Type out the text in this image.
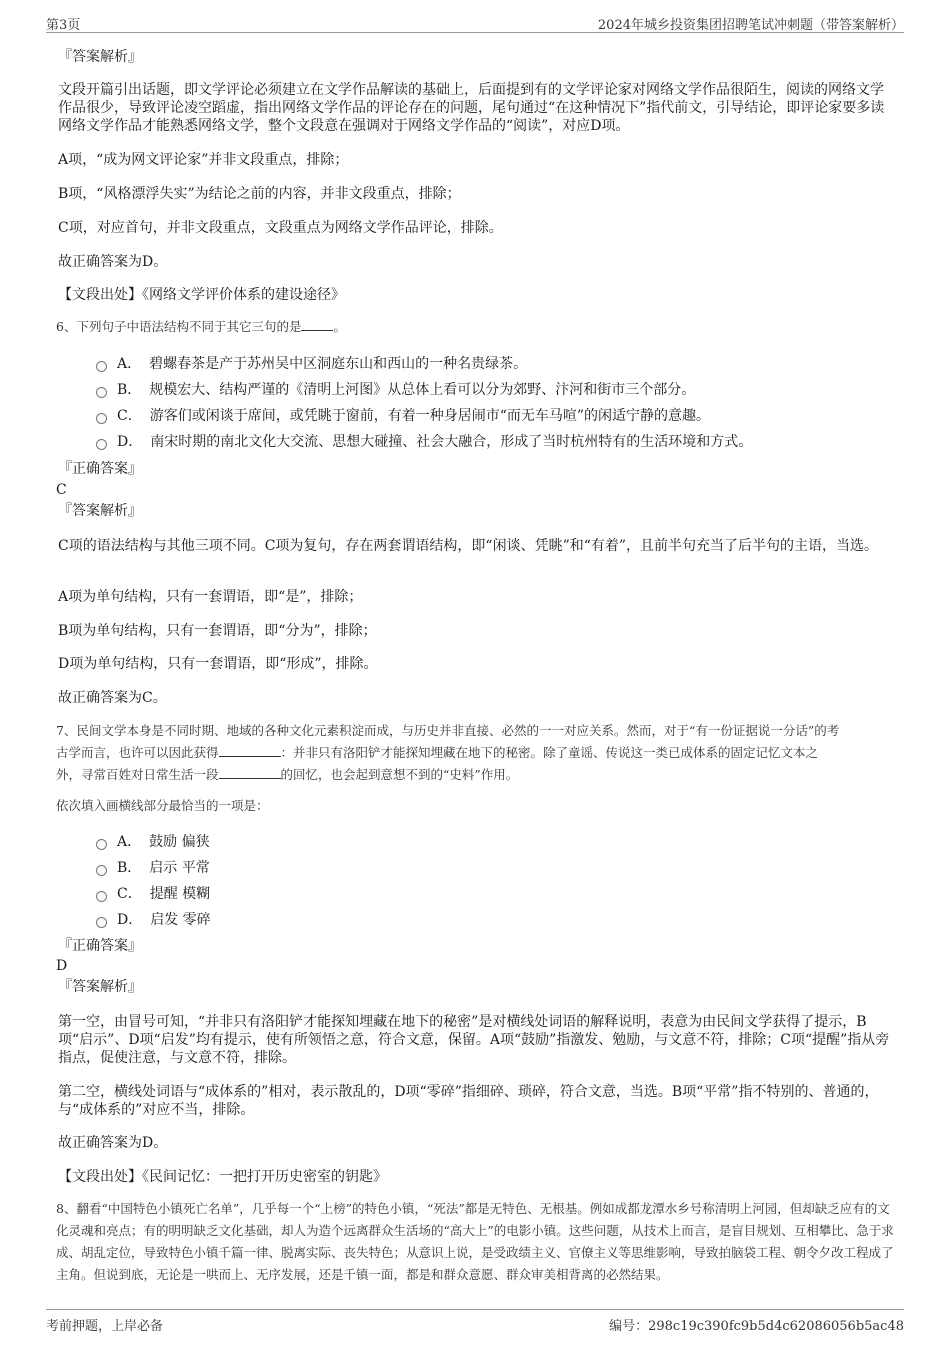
第3页	2024年城乡投资集团招聘笔试冲刺题（带答案解析）
『答案解析』
文段开篇引出话题，即文学评论必须建立在文学作品解读的基础上，后面提到有的文学评论家对网络文学作品很陌生，阅读的网络文学作品很少，导致评论凌空蹈虚，指出网络文学作品的评论存在的问题，尾句通过“在这种情况下”指代前文，引导结论，即评论家要多读网络文学作品才能熟悉网络文学，整个文段意在强调对于网络文学作品的“阅读”，对应D项。
A项，“成为网文评论家”并非文段重点，排除；
B项，“风格漂浮失实”为结论之前的内容，并非文段重点，排除；
C项，对应首句，并非文段重点，文段重点为网络文学作品评论，排除。
故正确答案为D。
【文段出处】《网络文学评价体系的建设途径》
6、下列句子中语法结构不同于其它三句的是	。
A． 碧螺春茶是产于苏州吴中区洞庭东山和西山的一种名贵绿茶。
B． 规模宏大、结构严谨的《清明上河图》从总体上看可以分为郊野、汴河和街市三个部分。
C． 游客们或闲谈于席间，或凭眺于窗前，有着一种身居闹市“而无车马喧”的闲适宁静的意趣。
D． 南宋时期的南北文化大交流、思想大碰撞、社会大融合，形成了当时杭州特有的生活环境和方式。
『正确答案』
C
『答案解析』
C项的语法结构与其他三项不同。C项为复句，存在两套谓语结构，即“闲谈、凭眺”和“有着”，且前半句充当了后半句的主语，当选。
A项为单句结构，只有一套谓语，即“是”，排除；
B项为单句结构，只有一套谓语，即“分为”，排除；
D项为单句结构，只有一套谓语，即“形成”，排除。
故正确答案为C。
7、民间文学本身是不同时期、地域的各种文化元素积淀而成，与历史并非直接、必然的一一对应关系。然而，对于“有一份证据说一分话”的考
古学而言，也许可以因此获得	：并非只有洛阳铲才能探知埋藏在地下的秘密。除了童谣、传说这一类已成体系的固定记忆文本之
外，寻常百姓对日常生活一段	的回忆，也会起到意想不到的“史料”作用。
依次填入画横线部分最恰当的一项是：
A． 鼓励 偏狭
B． 启示 平常
C． 提醒 模糊
D． 启发 零碎
『正确答案』
D
『答案解析』
第一空，由冒号可知，“并非只有洛阳铲才能探知埋藏在地下的秘密”是对横线处词语的解释说明，表意为由民间文学获得了提示，B项“启示”、D项“启发”均有提示，使有所领悟之意，符合文意，保留。A项“鼓励”指激发、勉励，与文意不符，排除；C项“提醒”指从旁指点，促使注意，与文意不符，排除。
第二空，横线处词语与“成体系的”相对，表示散乱的，D项“零碎”指细碎、琐碎，符合文意，当选。B项“平常”指不特别的、普通的，与“成体系的”对应不当，排除。
故正确答案为D。
【文段出处】《民间记忆：一把打开历史密室的钥匙》
8、翻看“中国特色小镇死亡名单”，几乎每一个“上榜”的特色小镇，“死法”都是无特色、无根基。例如成都龙潭水乡号称清明上河园，但却缺乏应有的文化灵魂和亮点；有的明明缺乏文化基础，却人为造个远离群众生活场的“高大上”的电影小镇。这些问题，从技术上而言，是盲目规划、互相攀比、急于求成、胡乱定位，导致特色小镇千篇一律、脱离实际、丧失特色；从意识上说，是受政绩主义、官僚主义等思维影响，导致拍脑袋工程、朝令夕改工程成了主角。但说到底，无论是一哄而上、无序发展，还是千镇一面，都是和群众意愿、群众审美相背离的必然结果。
考前押题，上岸必备	编号：298c19c390fc9b5d4c62086056b5ac48
